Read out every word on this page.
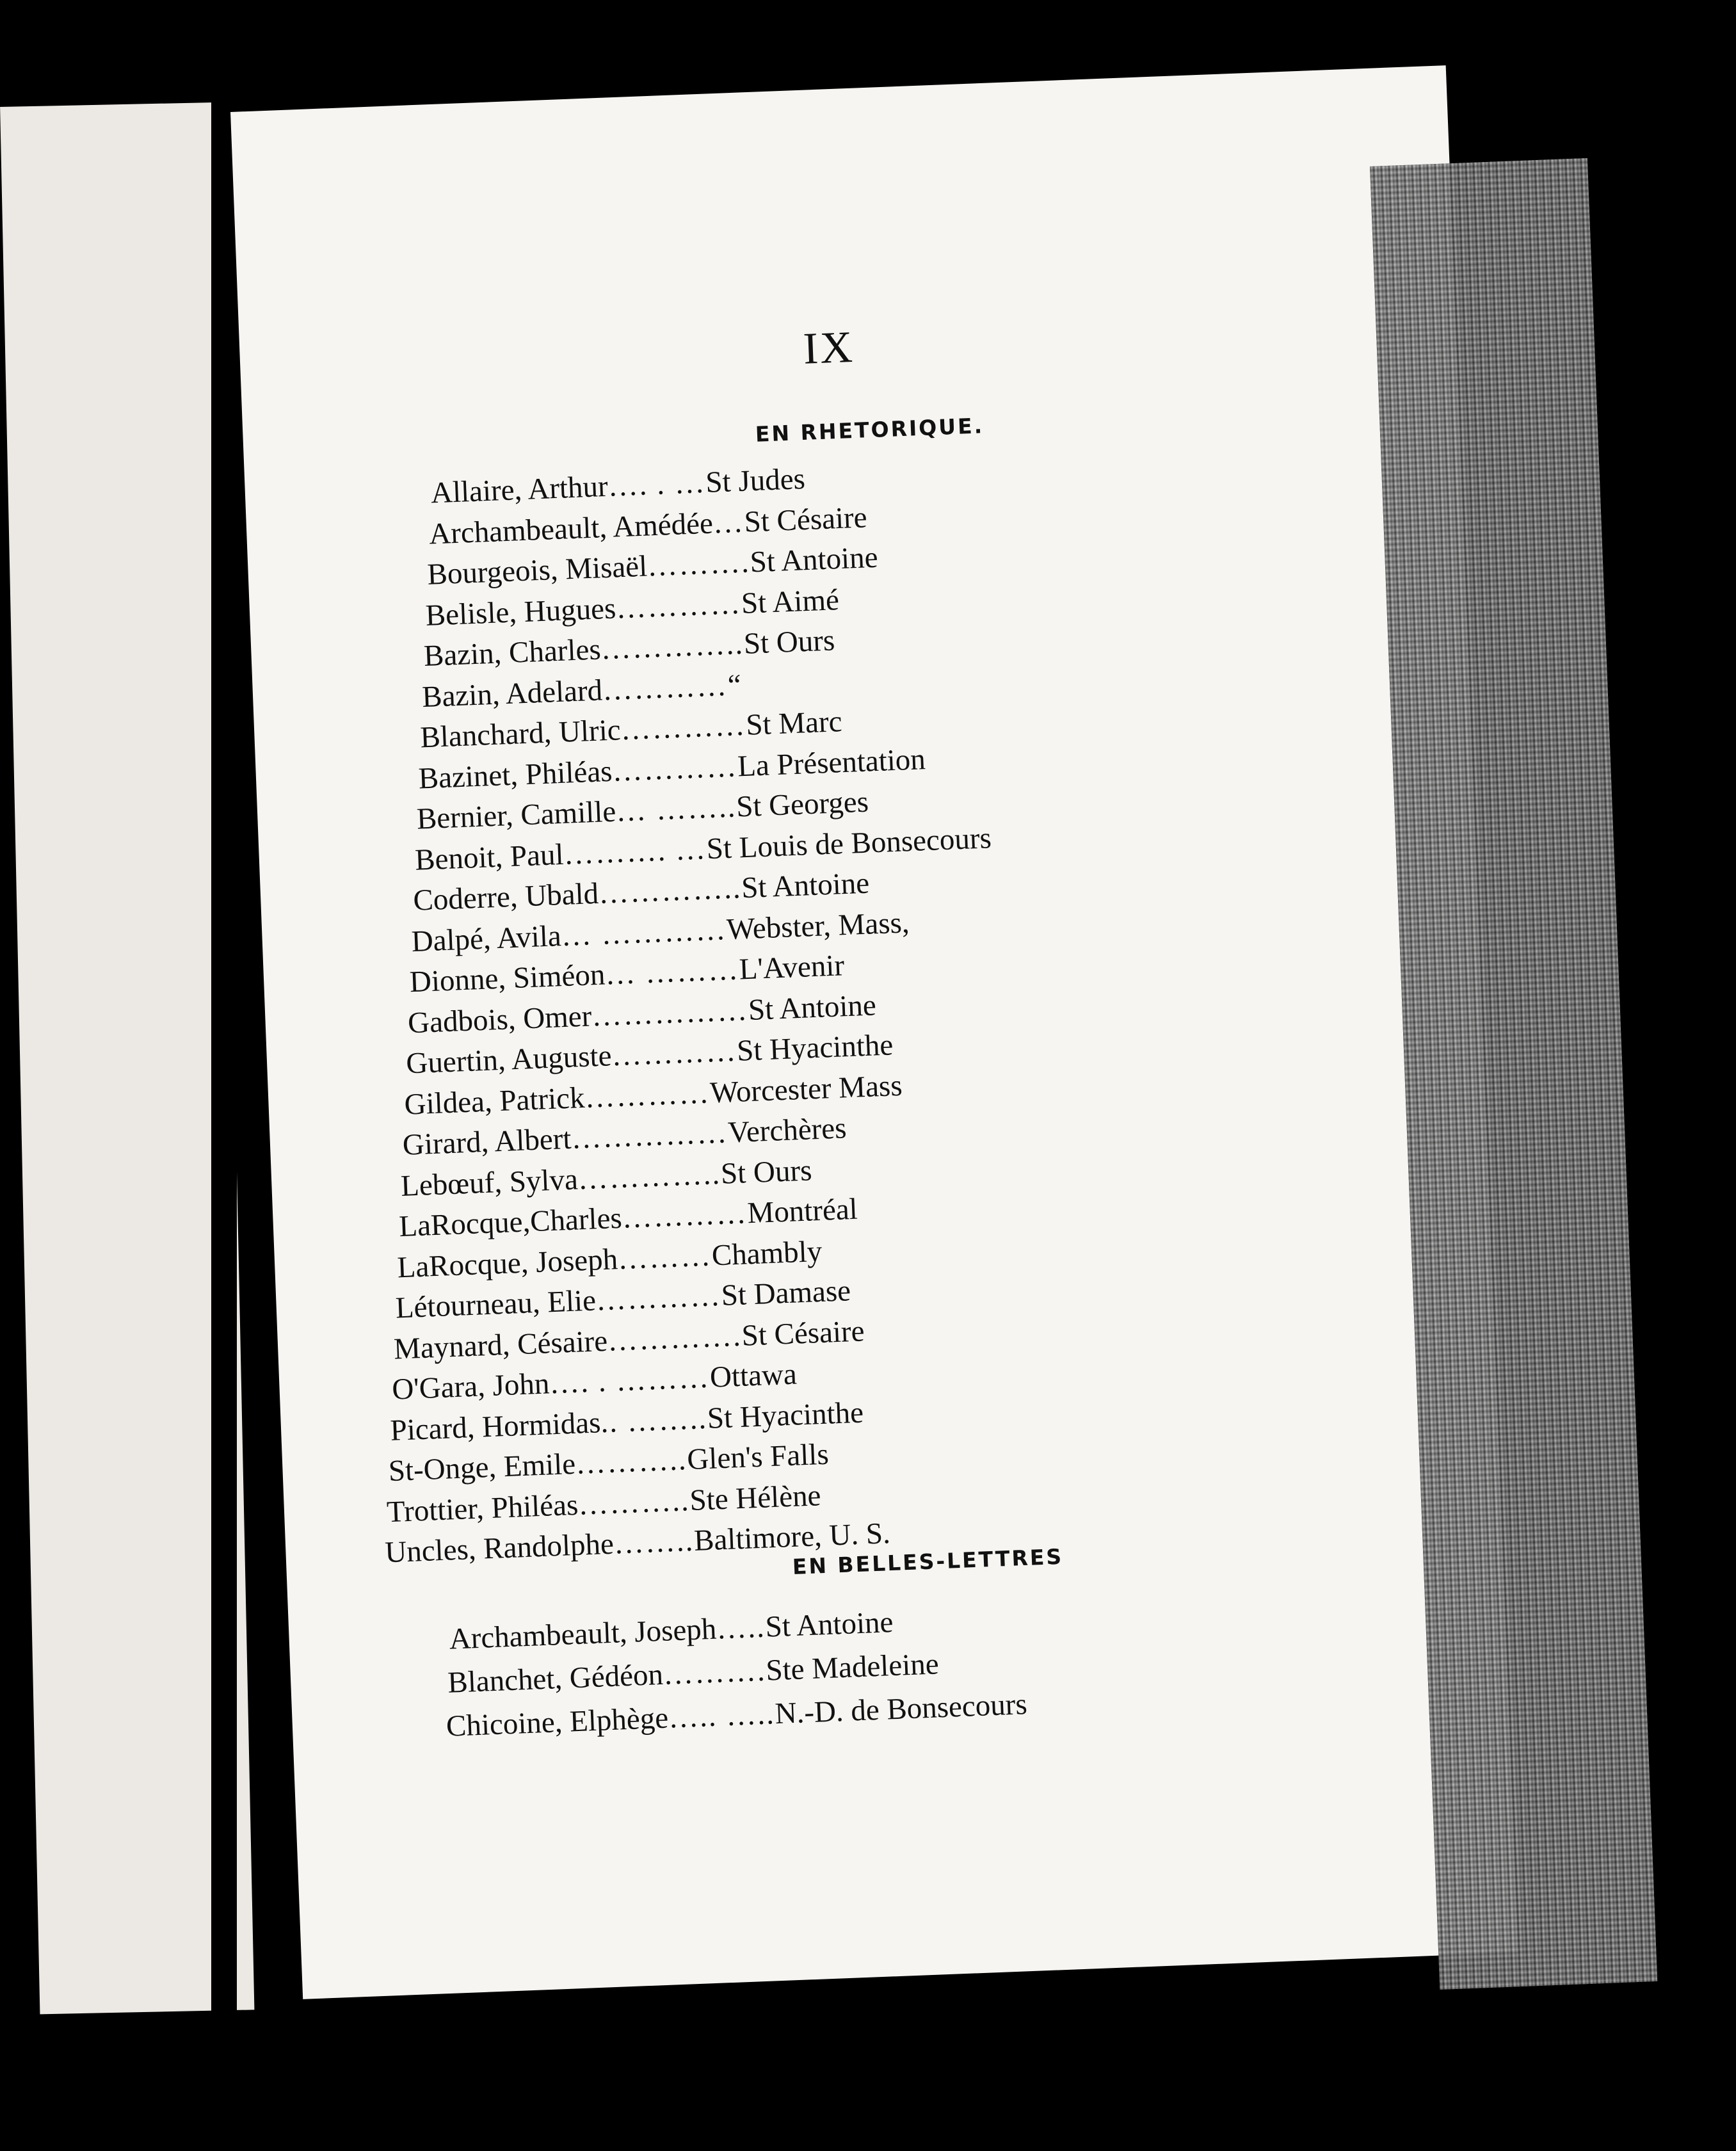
IX
EN RHETORIQUE.
Allaire, Arthur…. . …St Judes
Archambeault, Amédée…St Césaire
Bourgeois, Misaël……….St Antoine
Belisle, Hugues…………St Aimé
Bazin, Charles…………..St Ours
Bazin, Adelard…………“
Blanchard, Ulric…………St Marc
Bazinet, Philéas…………La Présentation
Bernier, Camille… ……..St Georges
Benoit, Paul………. …St Louis de Bonsecours
Coderre, Ubald…………..St Antoine
Dalpé, Avila… …………Webster, Mass,
Dionne, Siméon… ………L'Avenir
Gadbois, Omer……………St Antoine
Guertin, Auguste…………St Hyacinthe
Gildea, Patrick…………Worcester Mass
Girard, Albert……………Verchères
Lebœuf, Sylva…………..St Ours
LaRocque,Charles…………Montréal
LaRocque, Joseph………Chambly
Létourneau, Elie…………St Damase
Maynard, Césaire………….St Césaire
O'Gara, John…. . ………Ottawa
Picard, Hormidas.. ……..St Hyacinthe
St-Onge, Emile………..Glen's Falls
Trottier, Philéas………..Ste Hélène
Uncles, Randolphe……..Baltimore, U. S.
EN BELLES-LETTRES
Archambeault, Joseph…..St Antoine
Blanchet, Gédéon……….Ste Madeleine
Chicoine, Elphège….. …..N.-D. de Bonsecours
